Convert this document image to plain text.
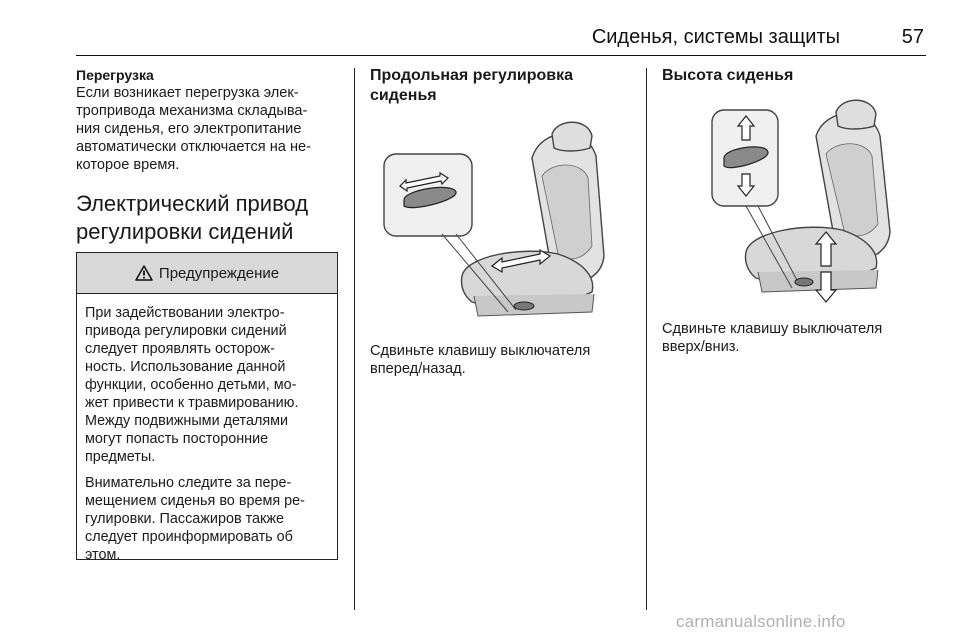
Сиденья, системы защиты	57
Перегрузка

Если возникает перегрузка элек-

тропривода механизма складыва-

ния сиденья, его электропитание

автоматически отключается на не-

которое время.

Электрический привод
регулировки сидений
Предупреждение

При задействовании электро-
привода регулировки сидений
следует проявлять осторож-
ность. Использование данной
функции, особенно детьми, мо-
жет привести к травмированию.
Между подвижными деталями
могут попасть посторонние
предметы.

Внимательно следите за пере-
мещением сиденья во время ре-
гулировки. Пассажиров также
следует проинформировать об
этом.

Продольная регулировка
сиденья
Сдвиньте клавишу выключателя
вперед/назад.
Высота сиденья
Сдвиньте клавишу выключателя
вверх/вниз.
carmanualsonline.info
